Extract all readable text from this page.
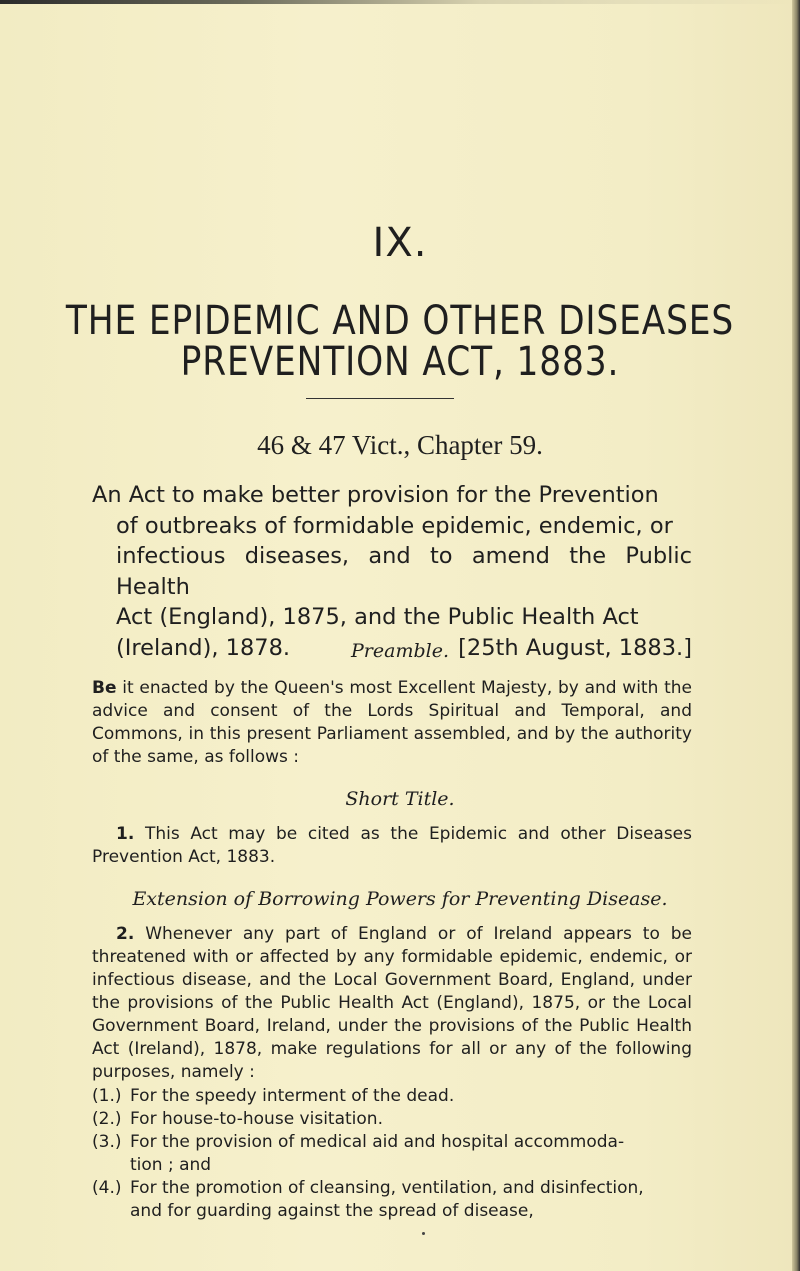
IX.
THE EPIDEMIC AND OTHER DISEASES
PREVENTION ACT, 1883.
46 & 47 Vict., Chapter 59.
An Act to make better provision for the Prevention
of outbreaks of formidable epidemic, endemic, or
infectious diseases, and to amend the Public Health
Act (England), 1875, and the Public Health Act
(Ireland), 1878.	[25th August, 1883.]
Preamble.
Be it enacted by the Queen's most Excellent Majesty, by and with the advice and consent of the Lords Spiritual and Temporal, and Commons, in this present Parliament assembled, and by the authority of the same, as follows :
Short Title.
1. This Act may be cited as the Epidemic and other Diseases Prevention Act, 1883.
Extension of Borrowing Powers for Preventing Disease.
2. Whenever any part of England or of Ireland appears to be threatened with or affected by any formidable epidemic, endemic, or infectious disease, and the Local Government Board, England, under the provisions of the Public Health Act (England), 1875, or the Local Government Board, Ireland, under the provisions of the Public Health Act (Ireland), 1878, make regulations for all or any of the following purposes, namely :
(1.) For the speedy interment of the dead.
(2.) For house-to-house visitation.
(3.) For the provision of medical aid and hospital accommoda-
tion ; and
(4.) For the promotion of cleansing, ventilation, and disinfection,
and for guarding against the spread of disease,
